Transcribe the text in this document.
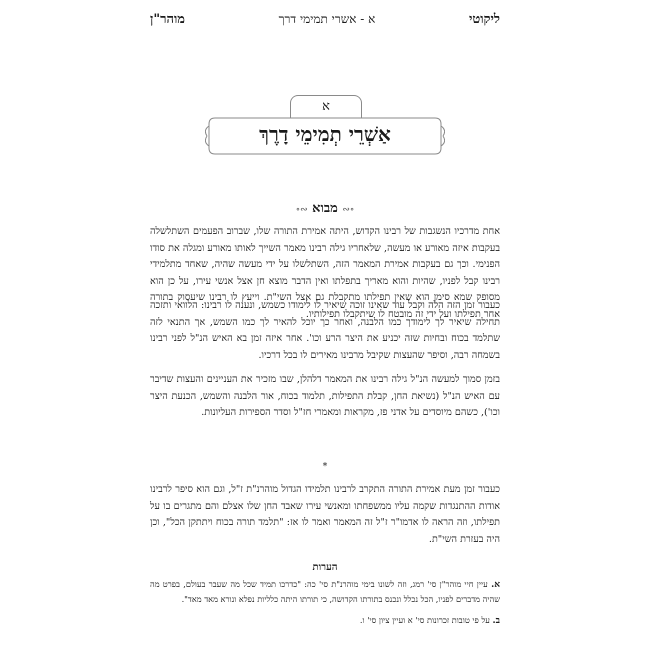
ליקוטי
א - אשרי תמימי דרך
מוהר"ן
א
אַשְׁרֵי תְמִימֵי דָרֶךְ
∘∾ מבוא ∾∘
אחת מדרכיו הנשגבות של רבינו הקדוש, היתה אמירת התורה שלו, שברוב הפעמים השתלשלה בעקבות איזה מאורע או מעשה, שלאחריו גילה רבינו מאמר השייך לאותו מאורע ומגלה את סודו הפנימי. וכך גם בעקבות אמירת המאמר הזה, השתלשלו על ידי מעשה שהיה, שאחד מתלמידי רבינו קבל לפניו, שהיות והוא מאריך בתפלתו ואין הדבר מוצא חן אצל אנשי עירו, על כן הוא מסופק שמא סימן הוא שאין תפילתו מתקבלת גם אצל השי"ת. וייעץ לו רבינו שיעסוק בתורה אחר תפילתו ועל ידי זה מובטח לו שיתקבלו תפילותיו.
כעבור זמן הזה הלה וקבל עוד שאינו זוכה שיאיר לו לימודו כשמש, ונענה לו רבינו: הלוואי ותזכה תחילה שיאיר לך לימודך כמו הלבנה, ואחר כך יוכל להאיר לך כמו השמש, אך התנאי לזה שתלמד בכוח ובחיות שזה יכניע את היצר הרע וכו'. אחר איזה זמן בא האיש הנ"ל לפני רבינו בשמחה רבה, וסיפר שהעצות שקיבל מרבינו מאירים לו בכל דרכיו.
בזמן סמוך למעשה הנ"ל גילה רבינו את המאמר דלהלן, שבו מזכיר את העניינים והעצות שדיבר עם האיש הנ"ל (נשיאת החן, קבלת התפילות, תלמוד בכוח, אור הלבנה והשמש, הכנעת היצר וכו'), כשהם מיוסדים על אדני פז, מקראות ומאמרי חז"ל וסדר הספירות העליונות.
*
כעבור זמן מעת אמירת התורה התקרב לרבינו תלמידו הגדול מוהרנ"ת ז"ל, וגם הוא סיפר לרבינו אודות ההתנגדות שקמה עליו ממשפחתו ומאנשי עירו שאבד החן שלו אצלם והם מתגרים בו על תפילתו, וזה הראה לו אדמו"ר ז"ל זה המאמר ואמר לו אז: "תלמד תורה בכוח ויתתקן הכל", וכן היה בעזרת השי"ת.
הערות
א. עיין חיי מוהר"ן סי' רמג, וזה לשונו בימי מוהרנ"ת סי' כה: "כדרכו תמיד שכל מה שעבר בעולם, בפרט מה שהיה מדברים לפניו, הכל נכלל ונכנס בתורתו הקדושה, כי תורתו היתה כלליות נפלא ונורא מאד מאד".
ב. על פי טובות זכרונות סי' א ועיין ציון סי' ו.
